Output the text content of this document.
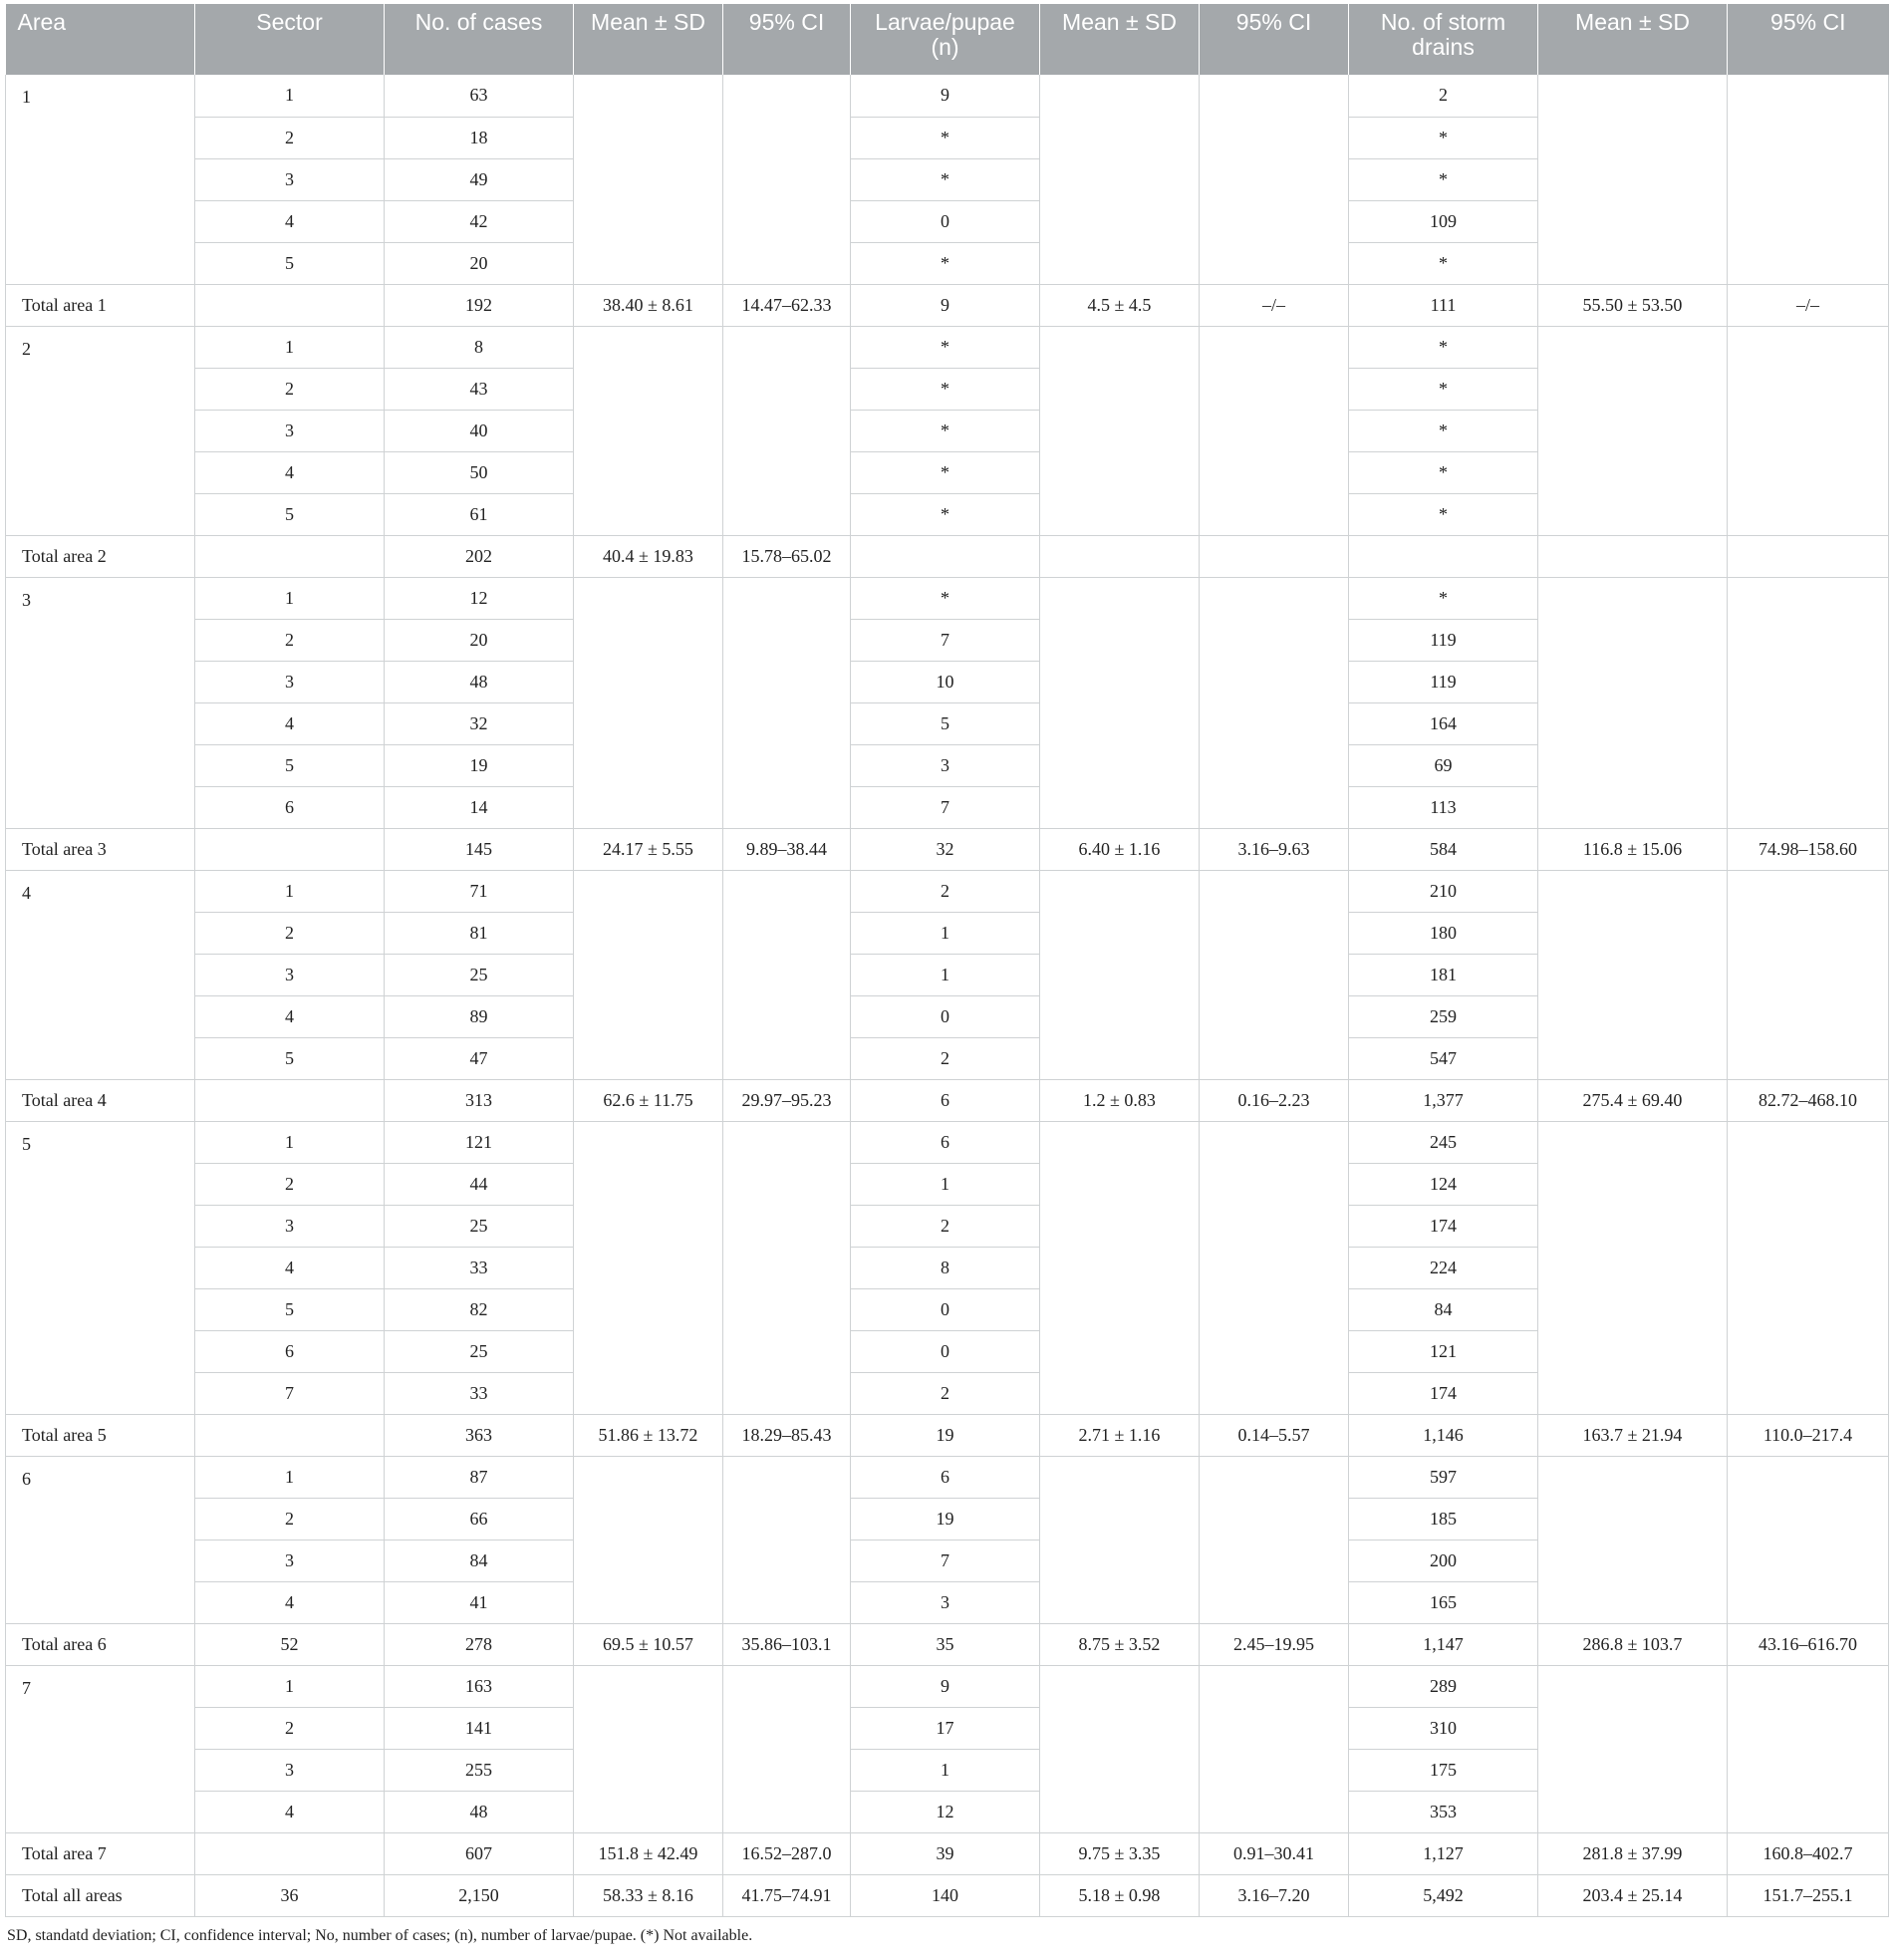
Area	Sector	No. of cases	Mean ± SD	95% CI	Larvae/pupae (n)	Mean ± SD	95% CI	No. of storm drains	Mean ± SD	95% CI
1	1	63			9			2		
	2	18			*			*		
	3	49			*			*		
	4	42			0			109		
	5	20			*			*		
Total area 1		192	38.40 ± 8.61	14.47–62.33	9	4.5 ± 4.5	–/–	111	55.50 ± 53.50	–/–
2	1	8			*			*		
	2	43			*			*		
	3	40			*			*		
	4	50			*			*		
	5	61			*			*		
Total area 2		202	40.4 ± 19.83	15.78–65.02						
3	1	12			*			*		
	2	20			7			119		
	3	48			10			119		
	4	32			5			164		
	5	19			3			69		
	6	14			7			113		
Total area 3		145	24.17 ± 5.55	9.89–38.44	32	6.40 ± 1.16	3.16–9.63	584	116.8 ± 15.06	74.98–158.60
4	1	71			2			210		
	2	81			1			180		
	3	25			1			181		
	4	89			0			259		
	5	47			2			547		
Total area 4		313	62.6 ± 11.75	29.97–95.23	6	1.2 ± 0.83	0.16–2.23	1,377	275.4 ± 69.40	82.72–468.10
5	1	121			6			245		
	2	44			1			124		
	3	25			2			174		
	4	33			8			224		
	5	82			0			84		
	6	25			0			121		
	7	33			2			174		
Total area 5		363	51.86 ± 13.72	18.29–85.43	19	2.71 ± 1.16	0.14–5.57	1,146	163.7 ± 21.94	110.0–217.4
6	1	87			6			597		
	2	66			19			185		
	3	84			7			200		
	4	41			3			165		
Total area 6	52	278	69.5 ± 10.57	35.86–103.1	35	8.75 ± 3.52	2.45–19.95	1,147	286.8 ± 103.7	43.16–616.70
7	1	163			9			289		
	2	141			17			310		
	3	255			1			175		
	4	48			12			353		
Total area 7		607	151.8 ± 42.49	16.52–287.0	39	9.75 ± 3.35	0.91–30.41	1,127	281.8 ± 37.99	160.8–402.7
Total all areas	36	2,150	58.33 ± 8.16	41.75–74.91	140	5.18 ± 0.98	3.16–7.20	5,492	203.4 ± 25.14	151.7–255.1
SD, standatd deviation; CI, confidence interval; No, number of cases; (n), number of larvae/pupae. (*) Not available.
